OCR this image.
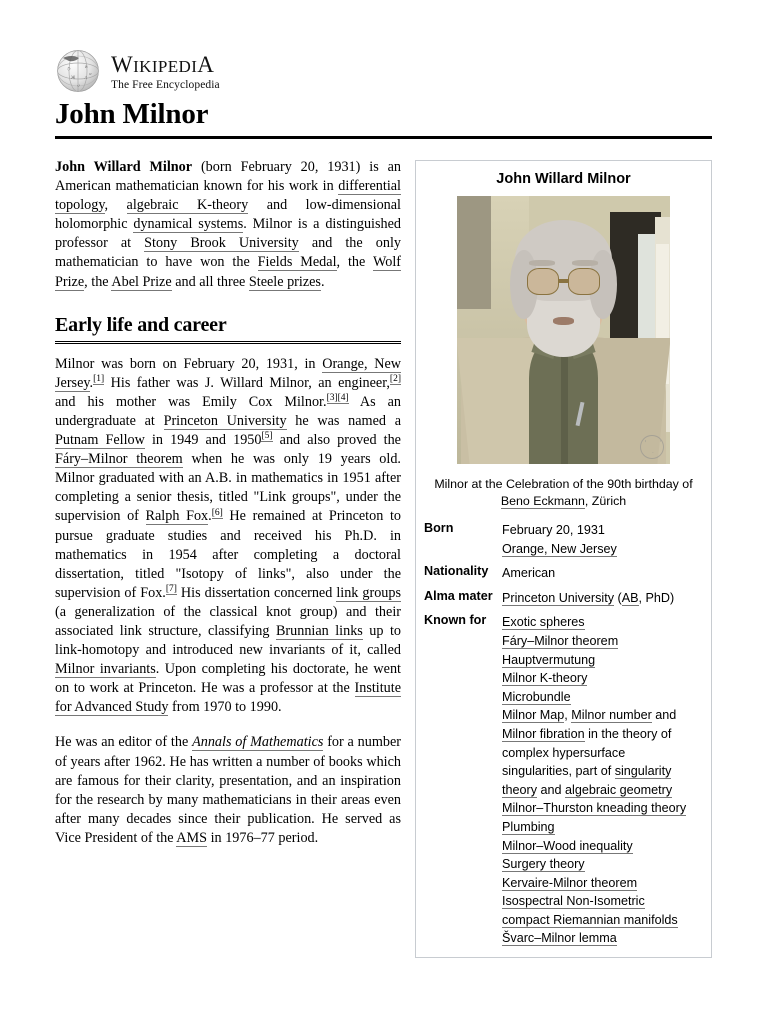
ひ	и
Ж ル
ن
א WIKIPEDIA
The Free Encyclopedia
John Milnor

John Willard Milnor (born February 20, 1931) is an American mathematician known for his work in differential topology, algebraic K-theory and low-dimensional holomorphic dynamical systems. Milnor is a distinguished professor at Stony Brook University and the only mathematician to have won the Fields Medal, the Wolf Prize, the Abel Prize and all three Steele prizes.

Early life and career

Milnor was born on February 20, 1931, in Orange, New Jersey.[1] His father was J. Willard Milnor, an engineer,[2] and his mother was Emily Cox Milnor.[3][4] As an undergraduate at Princeton University he was named a Putnam Fellow in 1949 and 1950[5] and also proved the Fáry–Milnor theorem when he was only 19 years old. Milnor graduated with an A.B. in mathematics in 1951 after completing a senior thesis, titled "Link groups", under the supervision of Ralph Fox.[6] He remained at Princeton to pursue graduate studies and received his Ph.D. in mathematics in 1954 after completing a doctoral dissertation, titled "Isotopy of links", also under the supervision of Fox.[7] His dissertation concerned link groups (a generalization of the classical knot group) and their associated link structure, classifying Brunnian links up to link-homotopy and introduced new invariants of it, called Milnor invariants. Upon completing his doctorate, he went on to work at Princeton. He was a professor at the Institute for Advanced Study from 1970 to 1990.

He was an editor of the Annals of Mathematics for a number of years after 1962. He has written a number of books which are famous for their clarity, presentation, and an inspiration for the research by many mathematicians in their areas even after many decades since their publication. He served as Vice President of the AMS in 1976–77 period.

John Willard Milnor
Milnor at the Celebration of the 90th birthday of Beno Eckmann, Zürich
Born	February 20, 1931
Orange, New Jersey

Nationality	American

Alma mater	Princeton University (AB, PhD)

Known for	Exotic spheres
Fáry–Milnor theorem
Hauptvermutung
Milnor K-theory
Microbundle
Milnor Map, Milnor number and
Milnor fibration in the theory of
complex hypersurface
singularities, part of singularity
theory and algebraic geometry
Milnor–Thurston kneading theory
Plumbing
Milnor–Wood inequality
Surgery theory
Kervaire-Milnor theorem
Isospectral Non-Isometric
compact Riemannian manifolds
Švarc–Milnor lemma
